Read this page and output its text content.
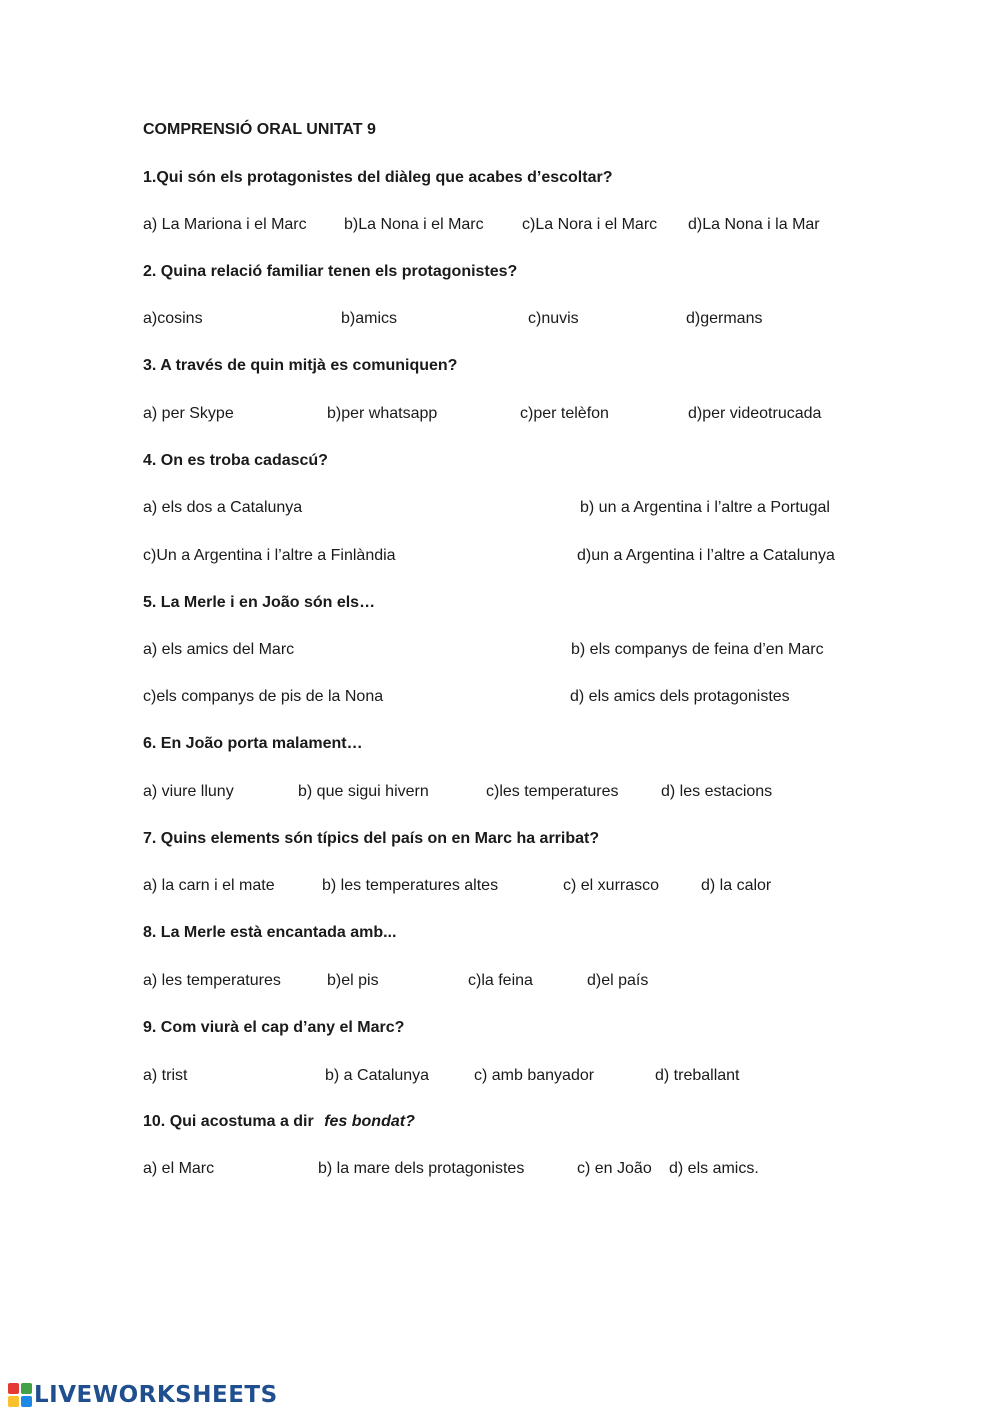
COMPRENSIÓ ORAL UNITAT 9
1.Qui són els protagonistes del diàleg que acabes d’escoltar?
a) La Mariona i el Marc b)La Nona i el Marc c)La Nora i el Marc d)La Nona i la Mar
2. Quina relació familiar tenen els protagonistes?
a)cosins	b)amics	c)nuvis	d)germans
3. A través de quin mitjà es comuniquen?
a) per Skype	b)per whatsapp	c)per telèfon	d)per videotrucada
4. On es troba cadascú?
a) els dos a Catalunya	b) un a Argentina i l’altre a Portugal
c)Un a Argentina i l’altre a Finlàndia	d)un a Argentina i l’altre a Catalunya
5. La Merle i en João són els…
a) els amics del Marc	b) els companys de feina d’en Marc
c)els companys de pis de la Nona	d) els amics dels protagonistes
6. En João porta malament…
a) viure lluny	b) que sigui hivern	c)les temperatures	d) les estacions
7. Quins elements són típics del país on en Marc ha arribat?
a) la carn i el mate	b) les temperatures altes	c) el xurrasco	d) la calor
8. La Merle està encantada amb...
a) les temperatures	b)el pis	c)la feina	d)el país
9. Com viurà el cap d’any el Marc?
a) trist	b) a Catalunya	c) amb banyador	d) treballant
10. Qui acostuma a dir fes bondat?
a) el Marc	b) la mare dels protagonistes	c) en João d) els amics.
LIVEWORKSHEETS
